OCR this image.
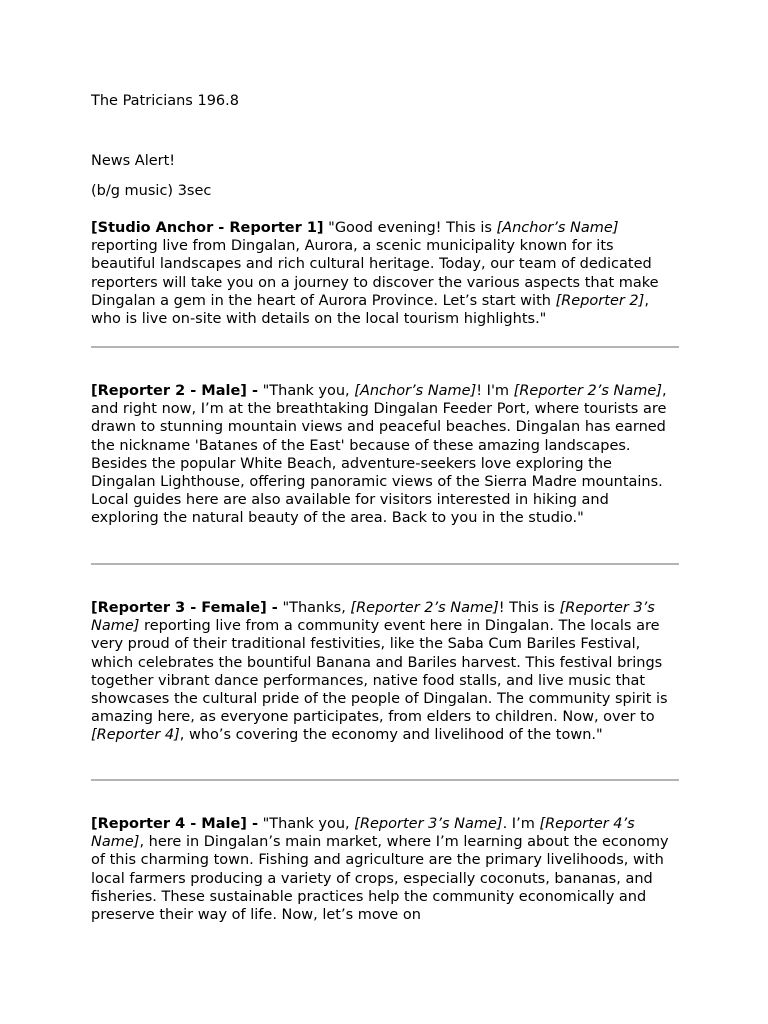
The Patricians 196.8

News Alert!

(b/g music) 3sec

[Studio Anchor - Reporter 1] "Good evening! This is [Anchor’s Name] reporting live from Dingalan, Aurora, a scenic municipality known for its beautiful landscapes and rich cultural heritage. Today, our team of dedicated reporters will take you on a journey to discover the various aspects that make Dingalan a gem in the heart of Aurora Province. Let’s start with [Reporter 2], who is live on-site with details on the local tourism highlights."

[Reporter 2 - Male] - "Thank you, [Anchor’s Name]! I'm [Reporter 2’s Name], and right now, I’m at the breathtaking Dingalan Feeder Port, where tourists are drawn to stunning mountain views and peaceful beaches. Dingalan has earned the nickname 'Batanes of the East' because of these amazing landscapes. Besides the popular White Beach, adventure-seekers love exploring the Dingalan Lighthouse, offering panoramic views of the Sierra Madre mountains. Local guides here are also available for visitors interested in hiking and exploring the natural beauty of the area. Back to you in the studio."

[Reporter 3 - Female] - "Thanks, [Reporter 2’s Name]! This is [Reporter 3’s Name] reporting live from a community event here in Dingalan. The locals are very proud of their traditional festivities, like the Saba Cum Bariles Festival, which celebrates the bountiful Banana and Bariles harvest. This festival brings together vibrant dance performances, native food stalls, and live music that showcases the cultural pride of the people of Dingalan. The community spirit is amazing here, as everyone participates, from elders to children. Now, over to [Reporter 4], who’s covering the economy and livelihood of the town."

[Reporter 4 - Male] - "Thank you, [Reporter 3’s Name]. I’m [Reporter 4’s Name], here in Dingalan’s main market, where I’m learning about the economy of this charming town. Fishing and agriculture are the primary livelihoods, with local farmers producing a variety of crops, especially coconuts, bananas, and fisheries. These sustainable practices help the community economically and preserve their way of life. Now, let’s move on
